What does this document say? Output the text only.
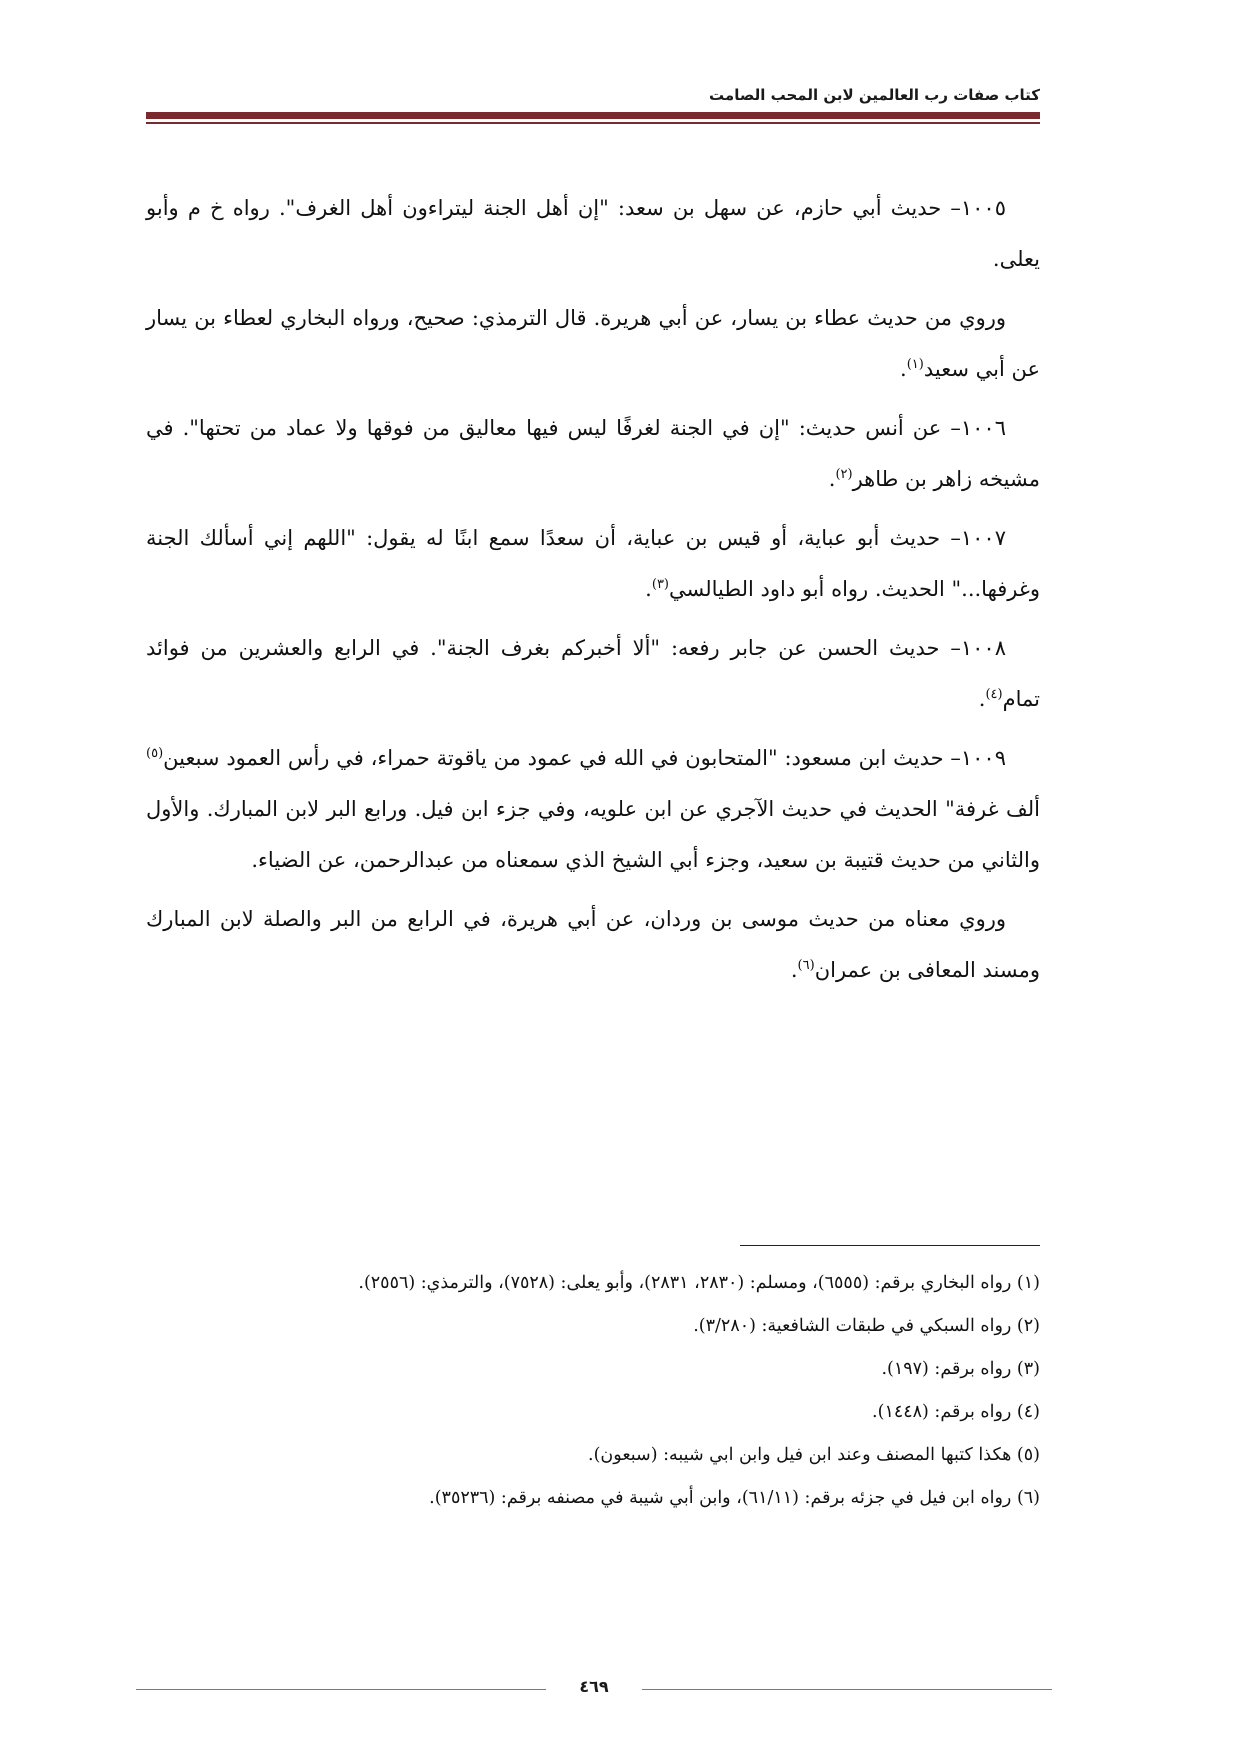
كتاب صفات رب العالمين لابن المحب الصامت

١٠٠٥– حديث أبي حازم، عن سهل بن سعد: "إن أهل الجنة ليتراءون أهل الغرف". رواه خ م وأبو يعلى.

وروي من حديث عطاء بن يسار، عن أبي هريرة. قال الترمذي: صحيح، ورواه البخاري لعطاء بن يسار عن أبي سعيد$^{(١)}$.

١٠٠٦– عن أنس حديث: "إن في الجنة لغرفًا ليس فيها معاليق من فوقها ولا عماد من تحتها". في مشيخه زاهر بن طاهر$^{(٢)}$.

١٠٠٧– حديث أبو عباية، أو قيس بن عباية، أن سعدًا سمع ابنًا له يقول: "اللهم إني أسألك الجنة وغرفها..." الحديث. رواه أبو داود الطيالسي$^{(٣)}$.

١٠٠٨– حديث الحسن عن جابر رفعه: "ألا أخبركم بغرف الجنة". في الرابع والعشرين من فوائد تمام$^{(٤)}$.

١٠٠٩– حديث ابن مسعود: "المتحابون في الله في عمود من ياقوتة حمراء، في رأس العمود سبعين$^{(٥)}$ ألف غرفة" الحديث في حديث الآجري عن ابن علويه، وفي جزء ابن فيل. ورابع البر لابن المبارك. والأول والثاني من حديث قتيبة بن سعيد، وجزء أبي الشيخ الذي سمعناه من عبدالرحمن، عن الضياء.

وروي معناه من حديث موسى بن وردان، عن أبي هريرة، في الرابع من البر والصلة لابن المبارك ومسند المعافى بن عمران$^{(٦)}$.

(١) رواه البخاري برقم: (٦٥٥٥)، ومسلم: (٢٨٣٠، ٢٨٣١)، وأبو يعلى: (٧٥٢٨)، والترمذي: (٢٥٥٦).

(٢) رواه السبكي في طبقات الشافعية: (٣/٢٨٠).

(٣) رواه برقم: (١٩٧).

(٤) رواه برقم: (١٤٤٨).

(٥) هكذا كتبها المصنف وعند ابن فيل وابن ابي شيبه: (سبعون).

(٦) رواه ابن فيل في جزئه برقم: (٦١/١١)، وابن أبي شيبة في مصنفه برقم: (٣٥٢٣٦).

٤٦٩
